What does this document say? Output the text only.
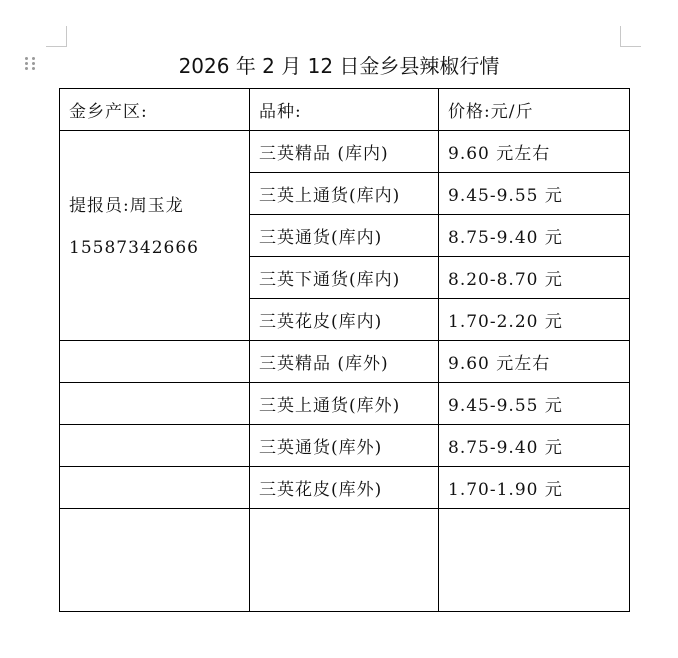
2026 年 2 月 12 日金乡县辣椒行情
金乡产区:	品种:	价格:元/斤

提报员:周玉龙
15587342666	三英精品 (库内)	9.60 元左右
	三英上通货(库内)	9.45-9.55 元
	三英通货(库内)	8.75-9.40 元
	三英下通货(库内)	8.20-8.70 元
	三英花皮(库内)	1.70-2.20 元
	三英精品 (库外)	9.60 元左右
	三英上通货(库外)	9.45-9.55 元
	三英通货(库外)	8.75-9.40 元
	三英花皮(库外)	1.70-1.90 元
